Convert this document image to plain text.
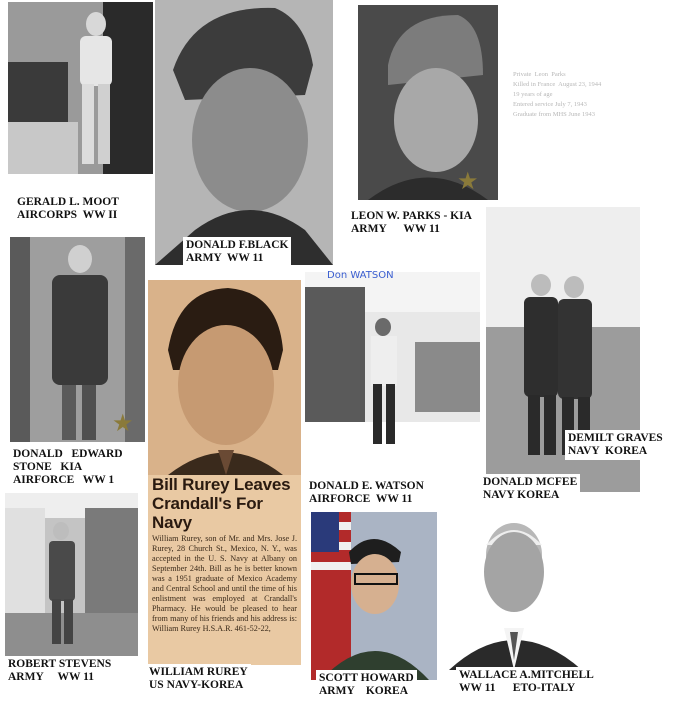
GERALD L. MOOT
AIRCORPS  WW II
DONALD F.BLACK
ARMY  WW 11
★
Private  Leon  Parks
Killed in France  August 23, 1944
19 years of age
Entered service July 7, 1943
Graduate from MHS June 1943
LEON W. PARKS - KIA
ARMY      WW 11
★
DONALD   EDWARD
STONE   KIA
AIRFORCE   WW 1	Bill Rurey Leaves Crandall's For Navy

William Rurey, son of Mr. and Mrs. Jose J. Rurey, 28 Church St., Mexico, N. Y., was accepted in the U. S. Navy at Albany on September 24th. Bill as he is better known was a 1951 graduate of Mexico Academy and Central School and until the time of his enlistment was employed at Crandall's Pharmacy. He would be pleased to hear from many of his friends and his address is: William Rurey H.S.A.R. 461-52-22,
WILLIAM RUREY
US NAVY-KOREA
Don WATSON
DONALD E. WATSON
AIRFORCE  WW 11
DEMILT GRAVES
NAVY  KOREA
DONALD MCFEE
NAVY KOREA
ROBERT STEVENS
ARMY     WW 11	SCOTT HOWARD
ARMY    KOREA
WALLACE A.MITCHELL
WW 11      ETO-ITALY
